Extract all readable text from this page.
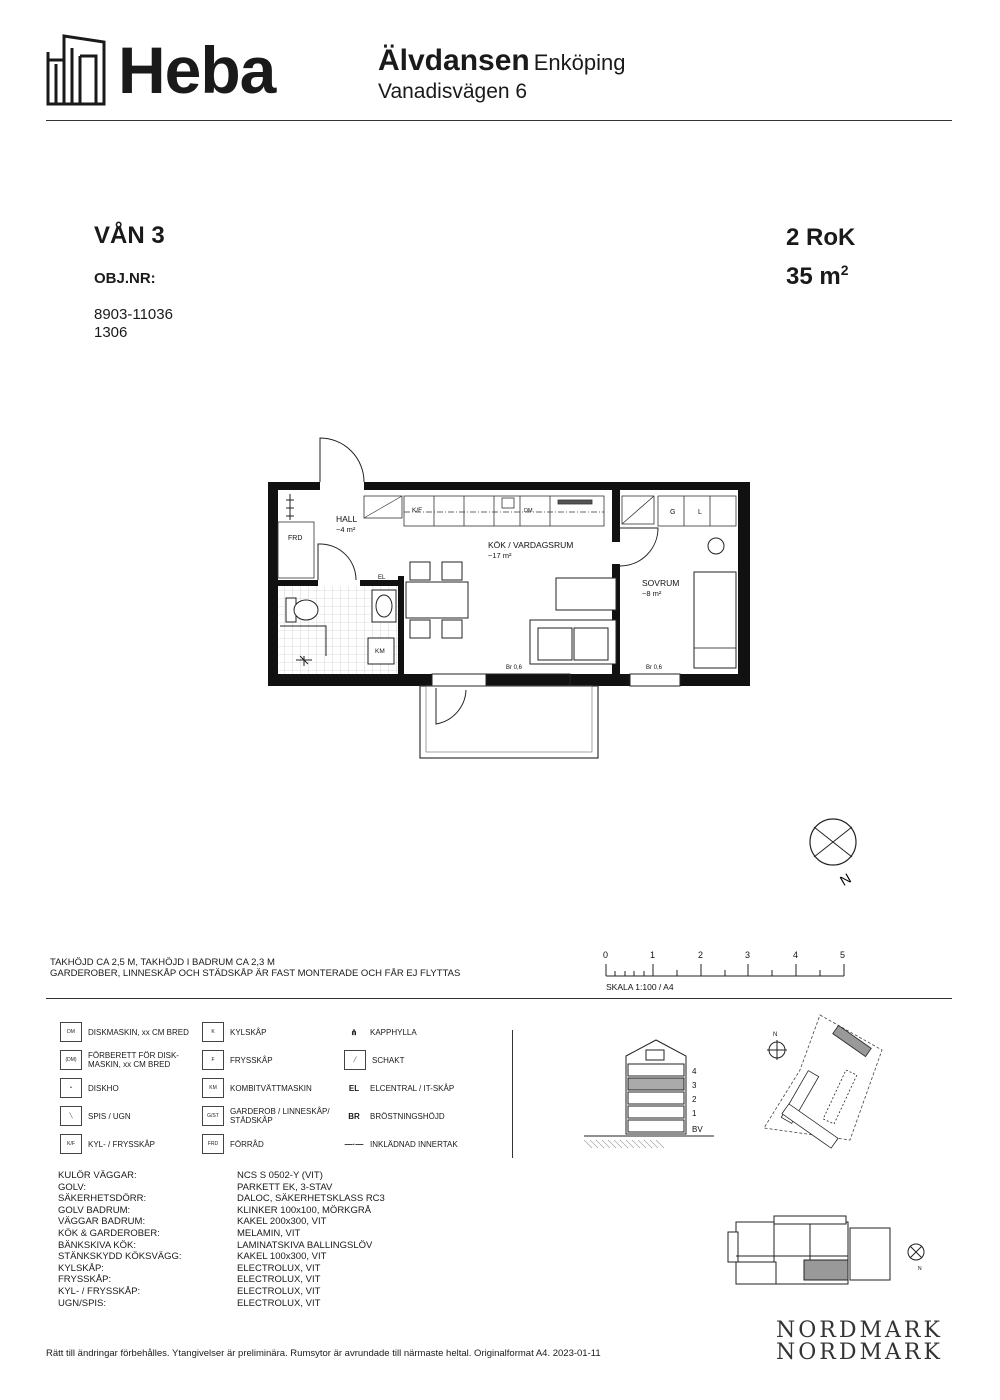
Heba	Älvdansen Enköping
Vanadisvägen 6
VÅN 3
OBJ.NR:
8903-11036
1306
2 RoK
35 $m^2$
HALL
~4 m²
KÖK / VARDAGSRUM
~17 m²
SOVRUM
~8 m²
FRD
K/F	DM
EL
KM
G	L
Br 0,6	Br 0,6
N
TAKHÖJD CA 2,5 M, TAKHÖJD I BADRUM CA 2,3 M
GARDEROBER, LINNESKÅP OCH STÄDSKÅP ÄR FAST MONTERADE OCH FÅR EJ FLYTTAS
0	1	2	3	4	5
SKALA 1:100 / A4
DM	DISKMASKIN, xx CM BRED
(DM)	FÖRBERETT FÖR DISK- MASKIN, xx CM BRED
•	DISKHO
╲	SPIS / UGN
K/F	KYL- / FRYSSKÅP
K	KYLSKÅP
F	FRYSSKÅP
KM	KOMBITVÄTTMASKIN
G/ST	GARDEROB / LINNESKÅP/ STÄDSKÅP
FRD	FÖRRÅD
⋔	KAPPHYLLA
╱	SCHAKT
EL	ELCENTRAL / IT-SKÅP
BR	BRÖSTNINGSHÖJD
—·— INKLÄDNAD INNERTAK
4
3
2
1
BV
N
N
KULÖR VÄGGAR:	NCS S 0502-Y (VIT)
GOLV:	PARKETT EK, 3-STAV
SÄKERHETSDÖRR:	DALOC, SÄKERHETSKLASS RC3
GOLV BADRUM:	KLINKER 100x100, MÖRKGRÅ
VÄGGAR BADRUM:	KAKEL 200x300, VIT
KÖK & GARDEROBER:	MELAMIN, VIT
BÄNKSKIVA KÖK:	LAMINATSKIVA BALLINGSLÖV
STÄNKSKYDD KÖKSVÄGG:	KAKEL 100x300, VIT
KYLSKÅP:	ELECTROLUX, VIT
FRYSSKÅP:	ELECTROLUX, VIT
KYL- / FRYSSKÅP:	ELECTROLUX, VIT
UGN/SPIS:	ELECTROLUX, VIT
Rätt till ändringar förbehålles. Ytangivelser är preliminära. Rumsytor är avrundade till närmaste heltal. Originalformat A4. 2023-01-11
NORDMARK
NORDMARK
